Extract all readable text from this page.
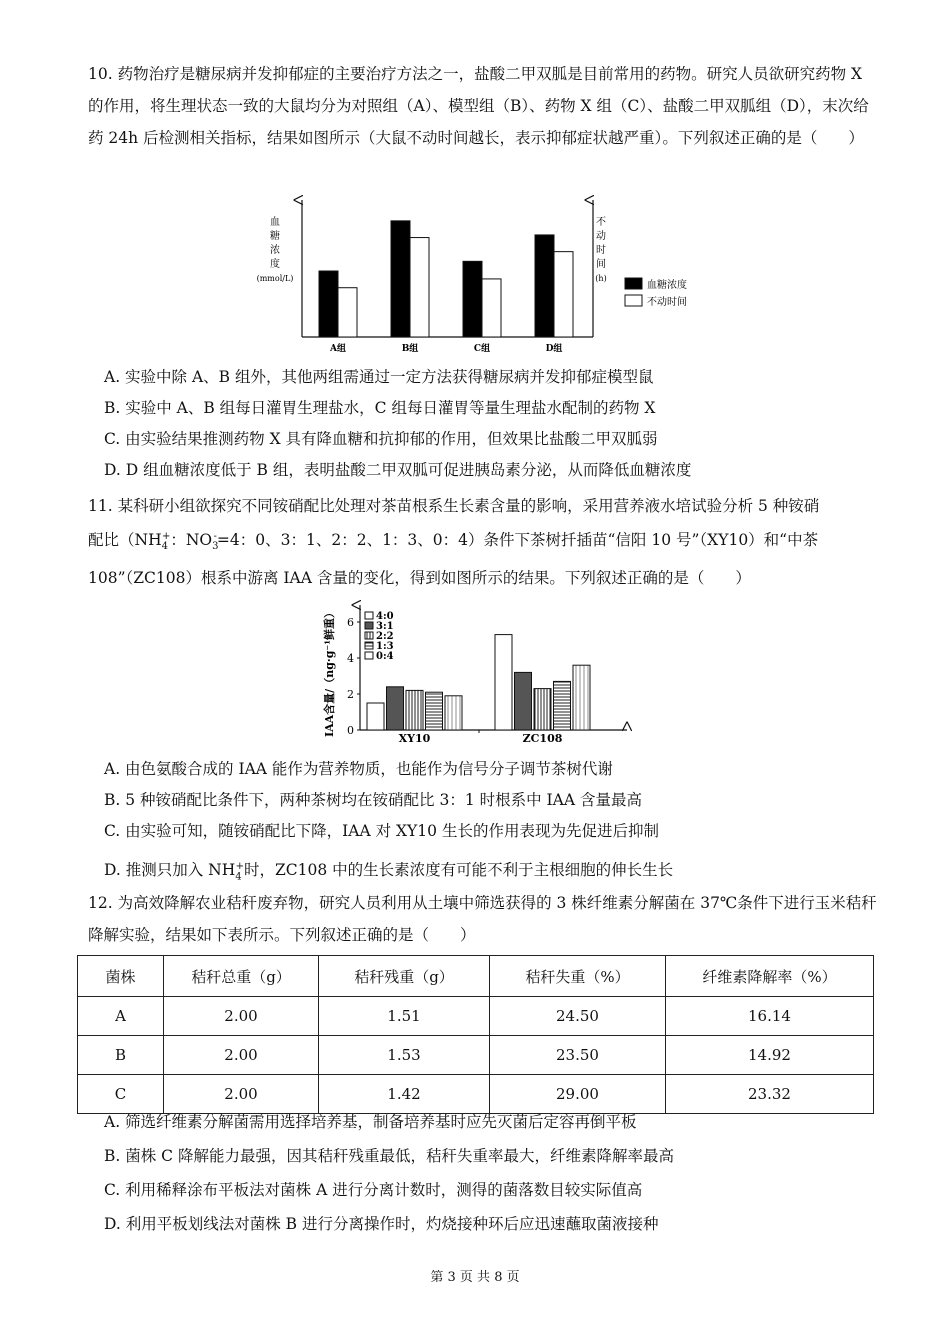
10. 药物治疗是糖尿病并发抑郁症的主要治疗方法之一，盐酸二甲双胍是目前常用的药物。研究人员欲研究药物 X 的作用，将生理状态一致的大鼠均分为对照组（A）、模型组（B）、药物 X 组（C）、盐酸二甲双胍组（D），末次给药 24h 后检测相关指标，结果如图所示（大鼠不动时间越长，表示抑郁症状越严重）。下列叙述正确的是（　　）
血
糖
浓
度
(mmol/L)
不
动
时
间
(h)
A组	B组	C组	D组
血糖浓度
不动时间
A. 实验中除 A、B 组外，其他两组需通过一定方法获得糖尿病并发抑郁症模型鼠
B. 实验中 A、B 组每日灌胃生理盐水，C 组每日灌胃等量生理盐水配制的药物 X
C. 由实验结果推测药物 X 具有降血糖和抗抑郁的作用，但效果比盐酸二甲双胍弱
D. D 组血糖浓度低于 B 组，表明盐酸二甲双胍可促进胰岛素分泌，从而降低血糖浓度
11. 某科研小组欲探究不同铵硝配比处理对茶苗根系生长素含量的影响，采用营养液水培试验分析 5 种铵硝
配比（$NH_4^+$：$NO_3^-=4$：0、3：1、2：2、1：3、0：4）条件下茶树扦插苗“信阳 10 号”（XY10）和“中茶
108”（ZC108）根系中游离 IAA 含量的变化，得到如图所示的结果。下列叙述正确的是（　　）
IAA含量/（ng·g⁻¹鲜重） 0
2
4
6
XY10	ZC108
4:0
3:1
2:2
1:3
0:4
A. 由色氨酸合成的 IAA 能作为营养物质，也能作为信号分子调节茶树代谢
B. 5 种铵硝配比条件下，两种茶树均在铵硝配比 3：1 时根系中 IAA 含量最高
C. 由实验可知，随铵硝配比下降，IAA 对 XY10 生长的作用表现为先促进后抑制
D. 推测只加入 $NH_4^+$时，ZC108 中的生长素浓度有可能不利于主根细胞的伸长生长
12. 为高效降解农业秸秆废弃物，研究人员利用从土壤中筛选获得的 3 株纤维素分解菌在 37℃条件下进行玉米秸秆降解实验，结果如下表所示。下列叙述正确的是（　　）
菌株	秸秆总重（g）	秸秆残重（g）	秸秆失重（%）	纤维素降解率（%）
A	2.00	1.51	24.50	16.14
B	2.00	1.53	23.50	14.92
C	2.00	1.42	29.00	23.32
A. 筛选纤维素分解菌需用选择培养基，制备培养基时应先灭菌后定容再倒平板
B. 菌株 C 降解能力最强，因其秸秆残重最低，秸秆失重率最大，纤维素降解率最高
C. 利用稀释涂布平板法对菌株 A 进行分离计数时，测得的菌落数目较实际值高
D. 利用平板划线法对菌株 B 进行分离操作时，灼烧接种环后应迅速蘸取菌液接种
第 3 页 共 8 页
